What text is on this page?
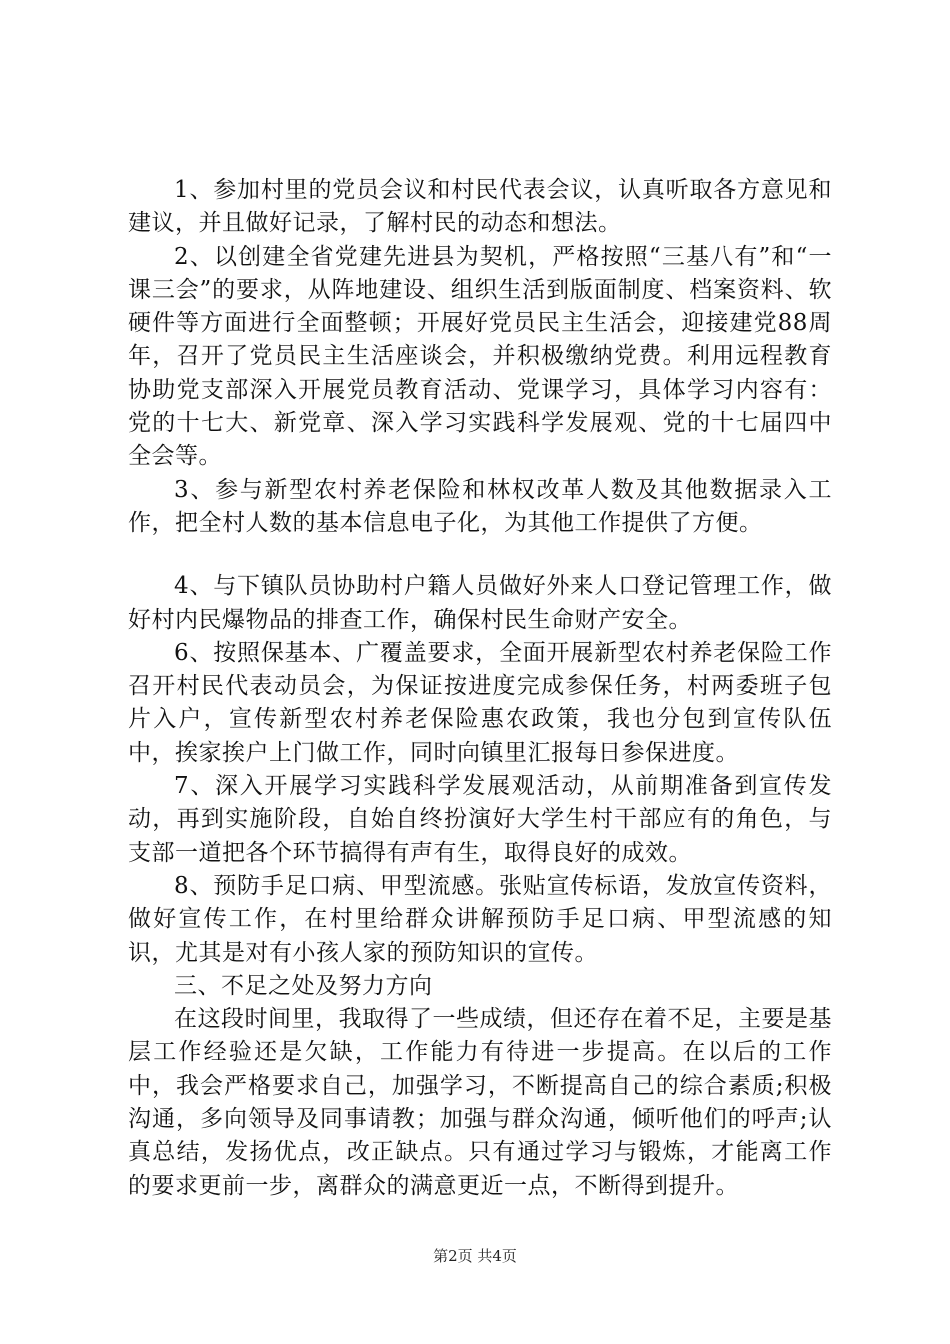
1、参加村里的党员会议和村民代表会议，认真听取各方意见和建议，并且做好记录，了解村民的动态和想法。

2、以创建全省党建先进县为契机，严格按照“三基八有”和“一课三会”的要求，从阵地建设、组织生活到版面制度、档案资料、软硬件等方面进行全面整顿；开展好党员民主生活会，迎接建党88周年，召开了党员民主生活座谈会，并积极缴纳党费。利用远程教育协助党支部深入开展党员教育活动、党课学习，具体学习内容有：党的十七大、新党章、深入学习实践科学发展观、党的十七届四中全会等。

3、参与新型农村养老保险和林权改革人数及其他数据录入工作，把全村人数的基本信息电子化，为其他工作提供了方便。

4、与下镇队员协助村户籍人员做好外来人口登记管理工作，做好村内民爆物品的排查工作，确保村民生命财产安全。

6、按照保基本、广覆盖要求，全面开展新型农村养老保险工作召开村民代表动员会，为保证按进度完成参保任务，村两委班子包片入户，宣传新型农村养老保险惠农政策，我也分包到宣传队伍中，挨家挨户上门做工作，同时向镇里汇报每日参保进度。

7、深入开展学习实践科学发展观活动，从前期准备到宣传发动，再到实施阶段，自始自终扮演好大学生村干部应有的角色，与支部一道把各个环节搞得有声有生，取得良好的成效。

8、预防手足口病、甲型流感。张贴宣传标语，发放宣传资料，做好宣传工作，在村里给群众讲解预防手足口病、甲型流感的知识，尤其是对有小孩人家的预防知识的宣传。

三、不足之处及努力方向

在这段时间里，我取得了一些成绩，但还存在着不足，主要是基层工作经验还是欠缺，工作能力有待进一步提高。在以后的工作中，我会严格要求自己，加强学习，不断提高自己的综合素质;积极沟通，多向领导及同事请教；加强与群众沟通，倾听他们的呼声;认真总结，发扬优点，改正缺点。只有通过学习与锻炼，才能离工作的要求更前一步，离群众的满意更近一点，不断得到提升。

第2页 共4页
